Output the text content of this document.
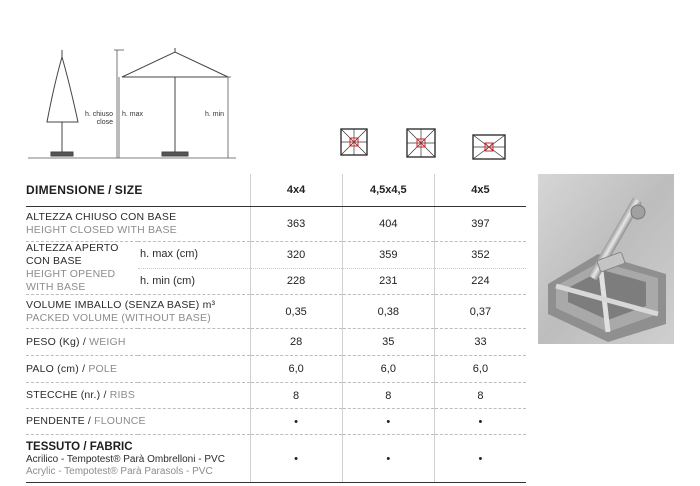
h. chiuso
close
h. max	h. min
DIMENSIONE / SIZE		4x4	4,5x4,5	4x5

ALTEZZA CHIUSO CON BASE
HEIGHT CLOSED WITH BASE		363	404	397

ALTEZZA APERTO CON BASE
HEIGHT OPENED WITH BASE	h. max (cm)	320	359	352
	h. min (cm)	228	231	224

VOLUME IMBALLO (SENZA BASE) m³
PACKED VOLUME (WITHOUT BASE)		0,35	0,38	0,37
PESO (Kg) / WEIGH		28	35	33
PALO (cm) / POLE		6,0	6,0	6,0
STECCHE (nr.) / RIBS		8	8	8
PENDENTE / FLOUNCE		•	•	•

TESSUTO / FABRIC
Acrilico - Tempotest® Parà Ombrelloni - PVC
Acrylic - Tempotest® Parà Parasols - PVC		•	•	•
